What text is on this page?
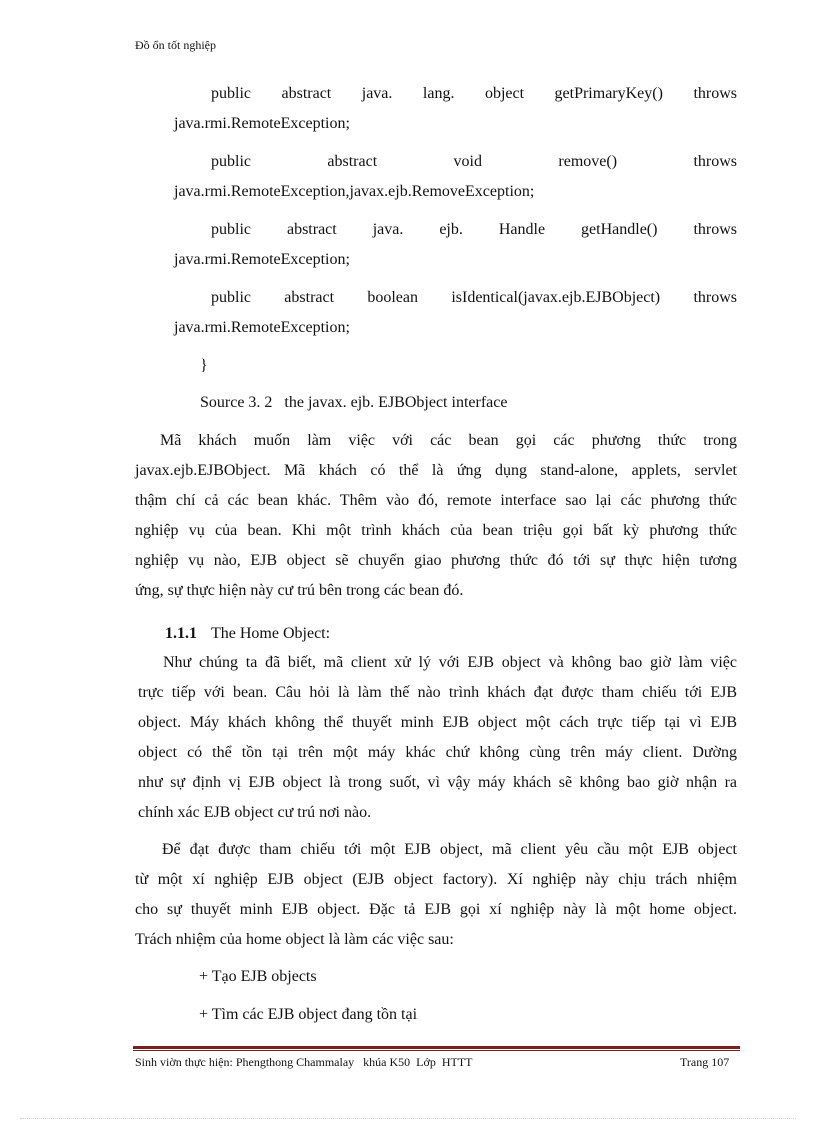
Đồ ổn tốt nghiệp
public abstract java. lang. object getPrimaryKey() throws
java.rmi.RemoteException;
public abstract void remove() throws
java.rmi.RemoteException,javax.ejb.RemoveException;
public abstract java. ejb. Handle getHandle() throws
java.rmi.RemoteException;
public abstract boolean isIdentical(javax.ejb.EJBObject) throws
java.rmi.RemoteException;
}
Source 3. 2   the javax. ejb. EJBObject interface
Mã khách muốn làm việc với các bean gọi các phương thức trong
javax.ejb.EJBObject. Mã khách có thể là ứng dụng stand-alone, applets, servlet
thậm chí cả các bean khác. Thêm vào đó, remote interface sao lại các phương thức
nghiệp vụ của bean. Khi một trình khách của bean triệu gọi bất kỳ phương thức
nghiệp vụ nào, EJB object sẽ chuyển giao phương thức đó tới sự thực hiện tương
ứng, sự thực hiện này cư trú bên trong các bean đó.
1.1.1 The Home Object:
Như chúng ta đã biết, mã client xử lý với EJB object và không bao giờ làm việc
trực tiếp với bean. Câu hỏi là làm thế nào trình khách đạt được tham chiếu tới EJB
object. Máy khách không thể thuyết minh EJB object một cách trực tiếp tại vì EJB
object có thể tồn tại trên một máy khác chứ không cùng trên máy client. Dường
như sự định vị EJB object là trong suốt, vì vậy máy khách sẽ không bao giờ nhận ra
chính xác EJB object cư trú nơi nào.
Để đạt được tham chiếu tới một EJB object, mã client yêu cầu một EJB object
từ một xí nghiệp EJB object (EJB object factory). Xí nghiệp này chịu trách nhiệm
cho sự thuyết minh EJB object. Đặc tả EJB gọi xí nghiệp này là một home object.
Trách nhiệm của home object là làm các việc sau:
+ Tạo EJB objects
+ Tìm các EJB object đang tồn tại
Sinh viờn thực hiện: Phengthong Chammalay   khúa K50  Lớp  HTTT	Trang 107
